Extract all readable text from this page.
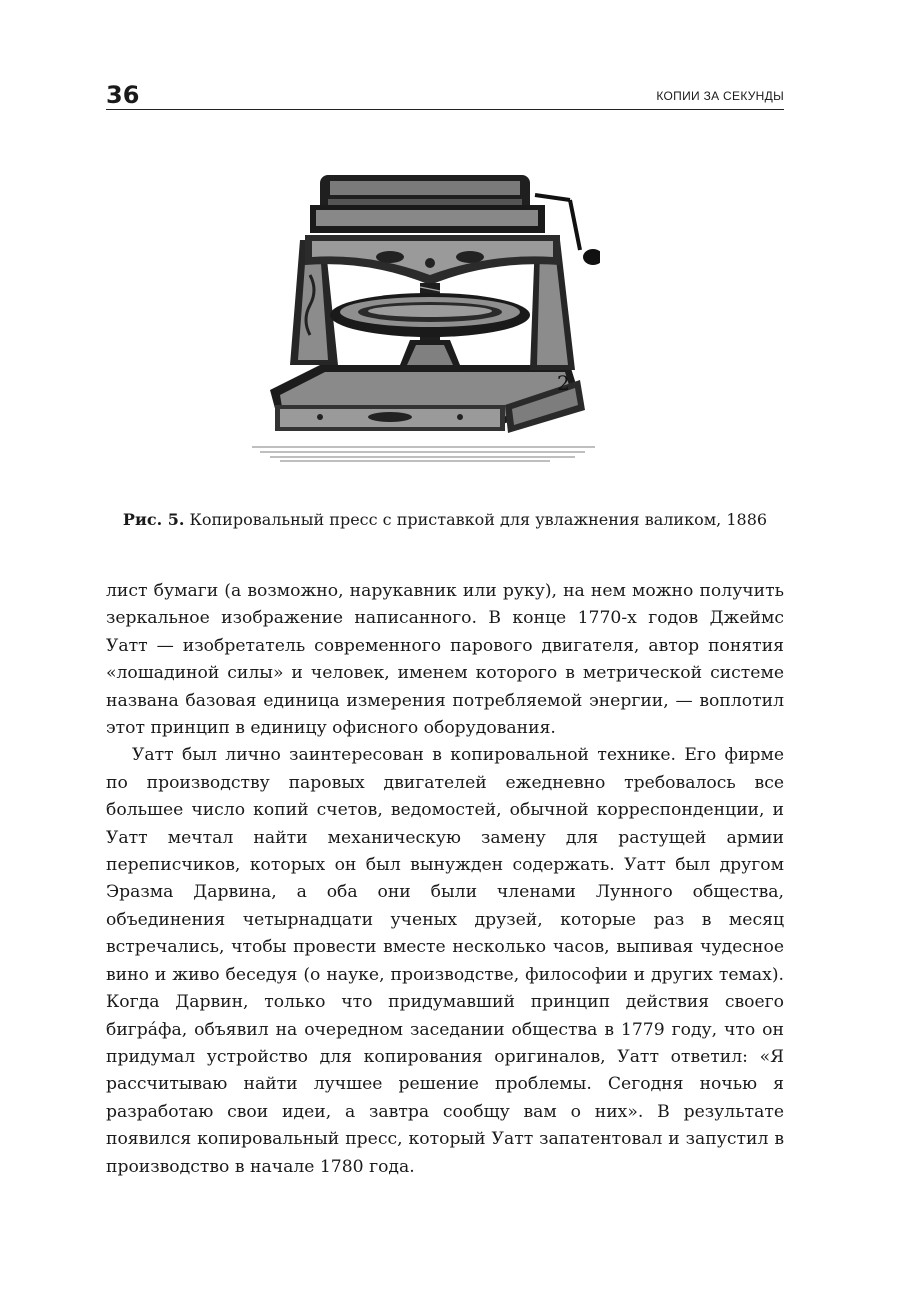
36	КОПИИ ЗА СЕКУНДЫ
2
Рис. 5. Копировальный пресс с приставкой для увлажнения валиком, 1886

лист бумаги (а возможно, нарукавник или руку), на нем можно получить зеркальное изображение написанного. В конце 1770-х годов Джеймс Уатт — изобретатель современного парового двигателя, автор понятия «лошадиной силы» и человек, именем которого в метрической системе названа базовая единица измерения потребляемой энергии, — воплотил этот принцип в единицу офисного оборудования.

Уатт был лично заинтересован в копировальной технике. Его фирме по производству паровых двигателей ежедневно требовалось все большее число копий счетов, ведомостей, обычной корреспонденции, и Уатт мечтал найти механическую замену для растущей армии переписчиков, которых он был вынужден содержать. Уатт был другом Эразма Дарвина, а оба они были членами Лунного общества, объединения четырнадцати ученых друзей, которые раз в месяц встречались, чтобы провести вместе несколько часов, выпивая чудесное вино и живо беседуя (о науке, производстве, философии и других темах). Когда Дарвин, только что придумавший принцип действия своего бигрáфа, объявил на очередном заседании общества в 1779 году, что он придумал устройство для копирования оригиналов, Уатт ответил: «Я рассчитываю найти лучшее решение проблемы. Сегодня ночью я разработаю свои идеи, а завтра сообщу вам о них». В результате появился копировальный пресс, который Уатт запатентовал и запустил в производство в начале 1780 года.
